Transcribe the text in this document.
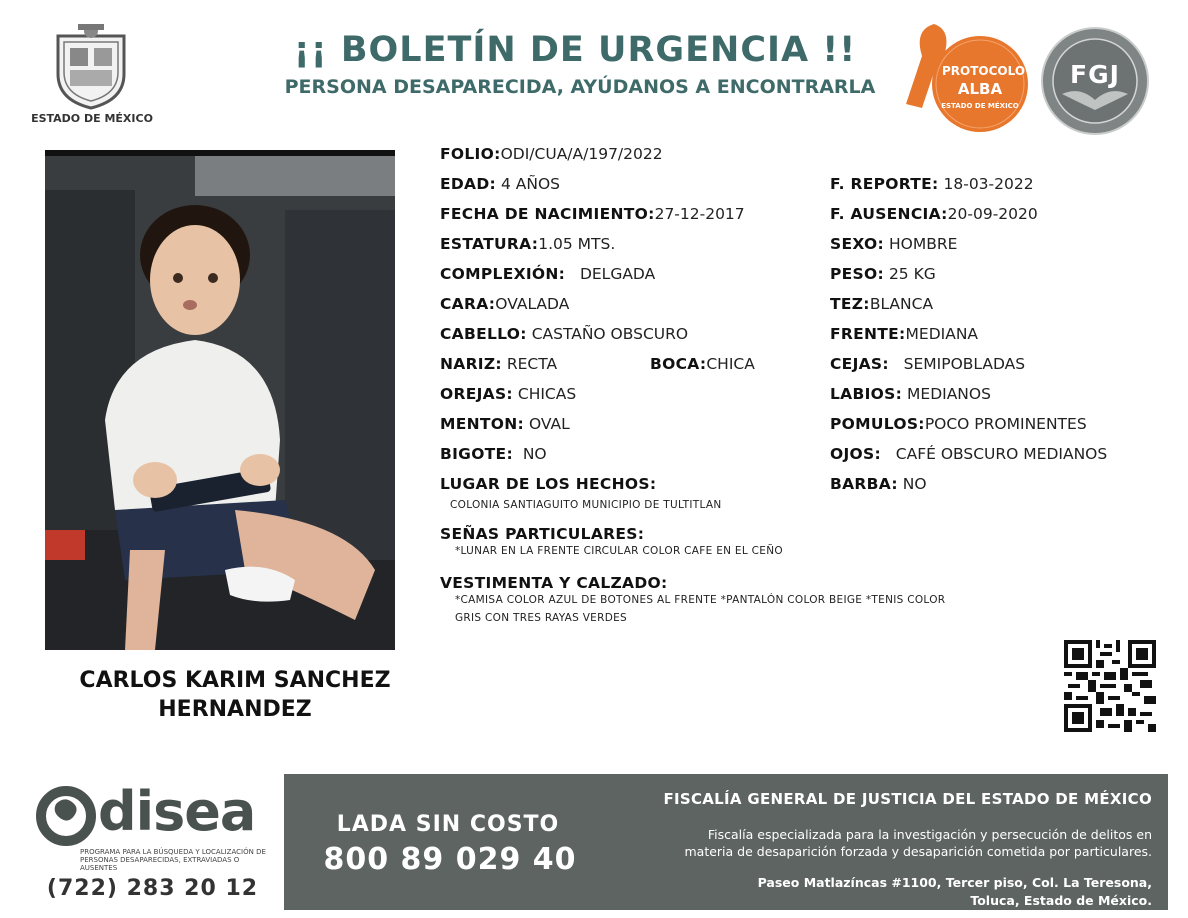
ESTADO DE MÉXICO
¡¡ BOLETÍN DE URGENCIA !!
PERSONA DESAPARECIDA, AYÚDANOS A ENCONTRARLA
PROTOCOLO
ALBA
ESTADO DE MÉXICO
FGJ
CARLOS KARIM SANCHEZ
HERNANDEZ
FOLIO:ODI/CUA/A/197/2022
EDAD: 4 AÑOS
FECHA DE NACIMIENTO:27-12-2017
ESTATURA:1.05 MTS.
COMPLEXIÓN: DELGADA
CARA:OVALADA
CABELLO: CASTAÑO OBSCURO
NARIZ: RECTA	BOCA:CHICA
OREJAS: CHICAS
MENTON: OVAL
BIGOTE: NO
F. REPORTE: 18-03-2022
F. AUSENCIA:20-09-2020
SEXO: HOMBRE
PESO: 25 KG
TEZ:BLANCA
FRENTE:MEDIANA
CEJAS: SEMIPOBLADAS
LABIOS: MEDIANOS
POMULOS:POCO PROMINENTES
OJOS: CAFÉ OBSCURO MEDIANOS
BARBA: NO
LUGAR DE LOS HECHOS:
COLONIA SANTIAGUITO MUNICIPIO DE TULTITLAN
SEÑAS PARTICULARES:
*LUNAR EN LA FRENTE CIRCULAR COLOR CAFE EN EL CEÑO
VESTIMENTA Y CALZADO:
*CAMISA COLOR AZUL DE BOTONES AL FRENTE *PANTALÓN COLOR BEIGE *TENIS COLOR
GRIS CON TRES RAYAS VERDES
disea
PROGRAMA PARA LA BÚSQUEDA Y LOCALIZACIÓN DE PERSONAS DESAPARECIDAS, EXTRAVIADAS O AUSENTES
(722) 283 20 12
LADA SIN COSTO
800 89 029 40
FISCALÍA GENERAL DE JUSTICIA DEL ESTADO DE MÉXICO
Fiscalía especializada para la investigación y persecución de delitos en
materia de desaparición forzada y desaparición cometida por particulares.
Paseo Matlazíncas #1100, Tercer piso, Col. La Teresona,
Toluca, Estado de México.
